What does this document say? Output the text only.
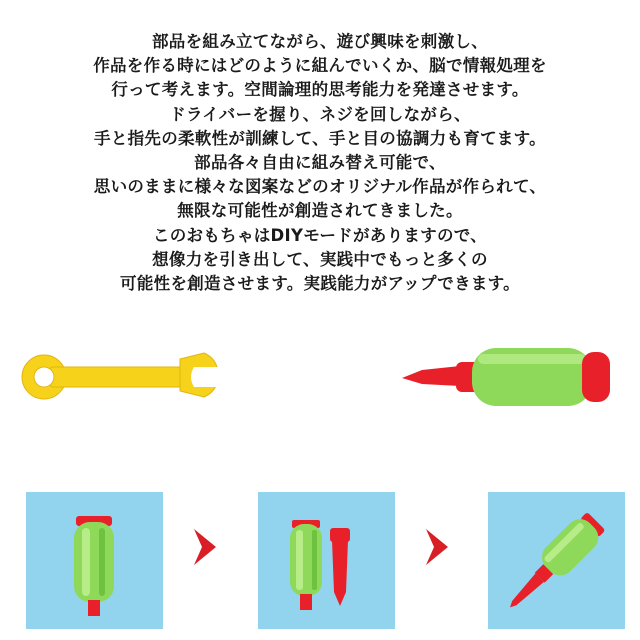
部品を組み立てながら、遊び興味を刺激し、
作品を作る時にはどのように組んでいくか、脳で情報処理を
行って考えます。空間論理的思考能力を発達させます。
ドライバーを握り、ネジを回しながら、
手と指先の柔軟性が訓練して、手と目の協調力も育てます。
部品各々自由に組み替え可能で、
思いのままに様々な図案などのオリジナル作品が作られて、
無限な可能性が創造されてきました。
このおもちゃはDIYモードがありますので、
想像力を引き出して、実践中でもっと多くの
可能性を創造させます。実践能力がアップできます。
